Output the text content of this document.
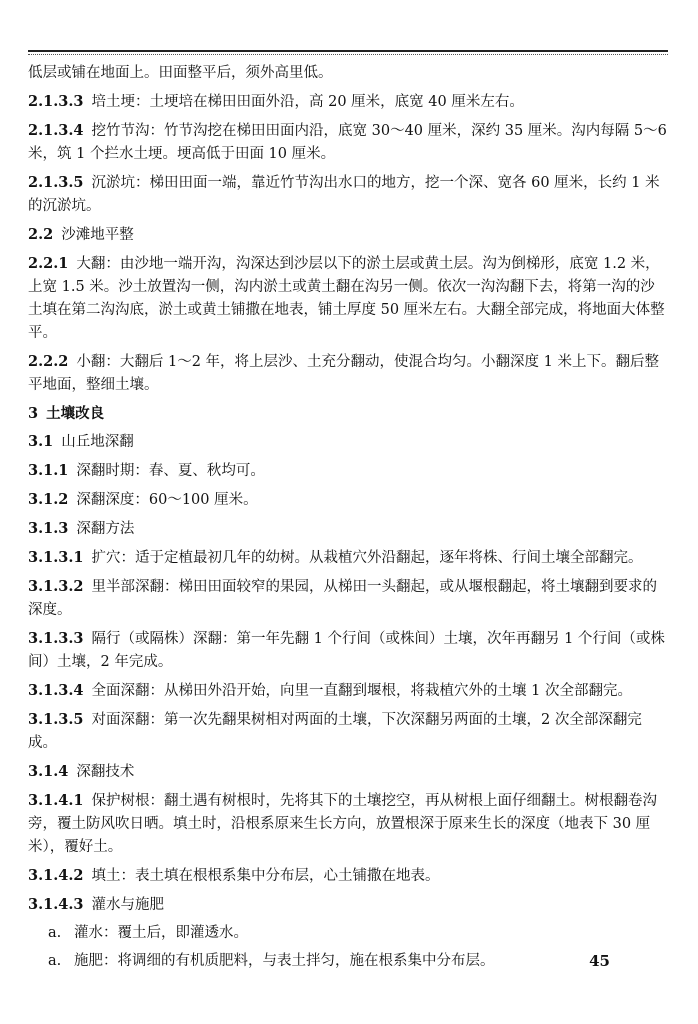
低层或铺在地面上。田面整平后，须外高里低。

2.1.3.3 培土埂：土埂培在梯田田面外沿，高 20 厘米，底宽 40 厘米左右。

2.1.3.4 挖竹节沟：竹节沟挖在梯田田面内沿，底宽 30～40 厘米，深约 35 厘米。沟内每隔 5～6 米，筑 1 个拦水土埂。埂高低于田面 10 厘米。

2.1.3.5 沉淤坑：梯田田面一端，靠近竹节沟出水口的地方，挖一个深、宽各 60 厘米，长约 1 米的沉淤坑。

2.2 沙滩地平整

2.2.1 大翻：由沙地一端开沟，沟深达到沙层以下的淤土层或黄土层。沟为倒梯形，底宽 1.2 米，上宽 1.5 米。沙土放置沟一侧，沟内淤土或黄土翻在沟另一侧。依次一沟沟翻下去，将第一沟的沙土填在第二沟沟底，淤土或黄土铺撒在地表，铺土厚度 50 厘米左右。大翻全部完成，将地面大体整平。

2.2.2 小翻：大翻后 1～2 年，将上层沙、土充分翻动，使混合均匀。小翻深度 1 米上下。翻后整平地面，整细土壤。

3 土壤改良

3.1 山丘地深翻

3.1.1 深翻时期：春、夏、秋均可。

3.1.2 深翻深度：60～100 厘米。

3.1.3 深翻方法

3.1.3.1 扩穴：适于定植最初几年的幼树。从栽植穴外沿翻起，逐年将株、行间土壤全部翻完。

3.1.3.2 里半部深翻：梯田田面较窄的果园，从梯田一头翻起，或从堰根翻起，将土壤翻到要求的深度。

3.1.3.3 隔行（或隔株）深翻：第一年先翻 1 个行间（或株间）土壤，次年再翻另 1 个行间（或株间）土壤，2 年完成。

3.1.3.4 全面深翻：从梯田外沿开始，向里一直翻到堰根，将栽植穴外的土壤 1 次全部翻完。

3.1.3.5 对面深翻：第一次先翻果树相对两面的土壤，下次深翻另两面的土壤，2 次全部深翻完成。

3.1.4 深翻技术

3.1.4.1 保护树根：翻土遇有树根时，先将其下的土壤挖空，再从树根上面仔细翻土。树根翻卷沟旁，覆土防风吹日晒。填土时，沿根系原来生长方向，放置根深于原来生长的深度（地表下 30 厘米），覆好土。

3.1.4.2 填土：表土填在根根系集中分布层，心土铺撒在地表。

3.1.4.3 灌水与施肥

a. 灌水：覆土后，即灌透水。

a. 施肥：将调细的有机质肥料，与表土拌匀，施在根系集中分布层。	45
